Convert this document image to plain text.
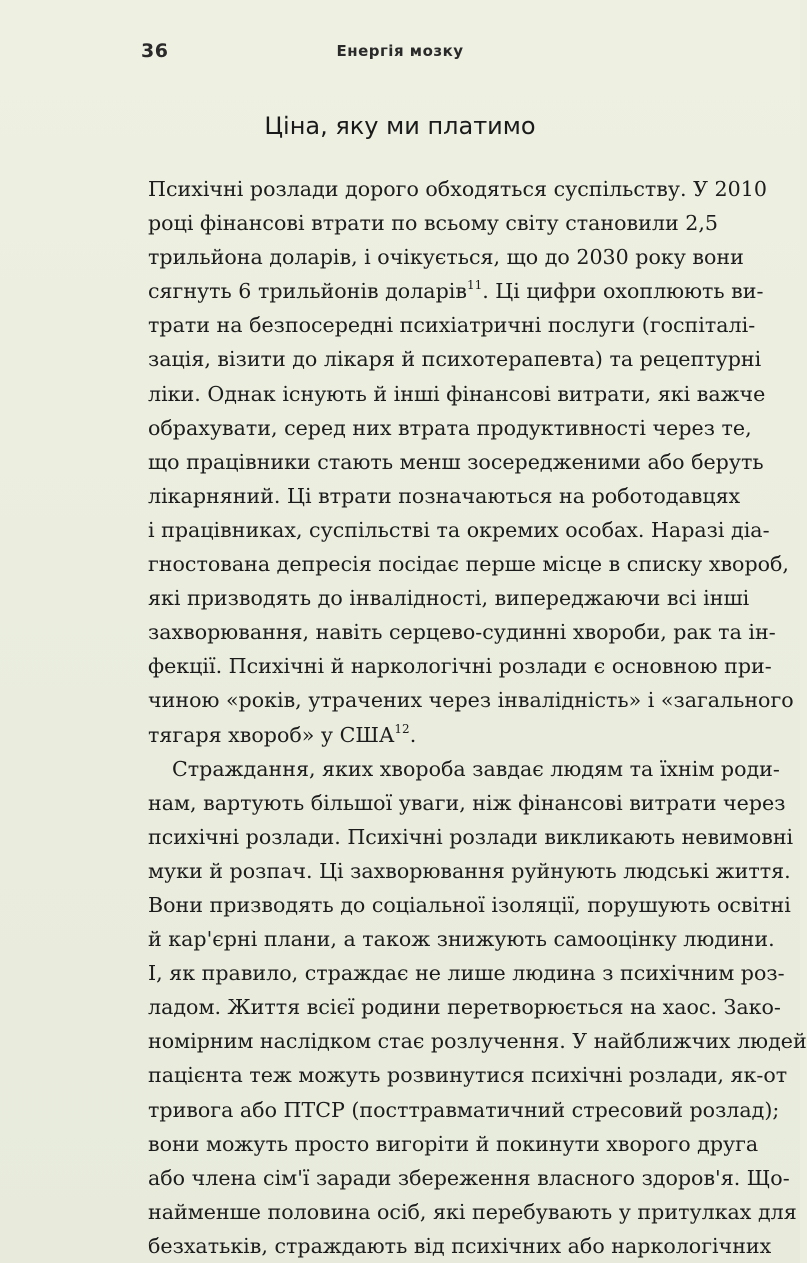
36	Енергія мозку
Ціна, яку ми платимо
Психічні розлади дорого обходяться суспільству. У 2010
році фінансові втрати по всьому світу становили 2,5
трильйона доларів, і очікується, що до 2030 року вони
сягнуть 6 трильйонів доларів$^{11}$. Ці цифри охоплюють ви-
трати на безпосередні психіатричні послуги (госпіталі-
зація, візити до лікаря й психотерапевта) та рецептурні
ліки. Однак існують й інші фінансові витрати, які важче
обрахувати, серед них втрата продуктивності через те,
що працівники стають менш зосередженими або беруть
лікарняний. Ці втрати позначаються на роботодавцях
і працівниках, суспільстві та окремих особах. Наразі діа-
гностована депресія посідає перше місце в списку хвороб,
які призводять до інвалідності, випереджаючи всі інші
захворювання, навіть серцево-судинні хвороби, рак та ін-
фекції. Психічні й наркологічні розлади є основною при-
чиною «років, утрачених через інвалідність» і «загального
тягаря хвороб» у США$^{12}$.
Страждання, яких хвороба завдає людям та їхнім роди-
нам, вартують більшої уваги, ніж фінансові витрати через
психічні розлади. Психічні розлади викликають невимовні
муки й розпач. Ці захворювання руйнують людські життя.
Вони призводять до соціальної ізоляції, порушують освітні
й кар'єрні плани, а також знижують самооцінку людини.
І, як правило, страждає не лише людина з психічним роз-
ладом. Життя всієї родини перетворюється на хаос. Зако-
номірним наслідком стає розлучення. У найближчих людей
пацієнта теж можуть розвинутися психічні розлади, як-от
тривога або ПТСР (посттравматичний стресовий розлад);
вони можуть просто вигоріти й покинути хворого друга
або члена сім'ї заради збереження власного здоров'я. Що-
найменше половина осіб, які перебувають у притулках для
безхатьків, страждають від психічних або наркологічних
